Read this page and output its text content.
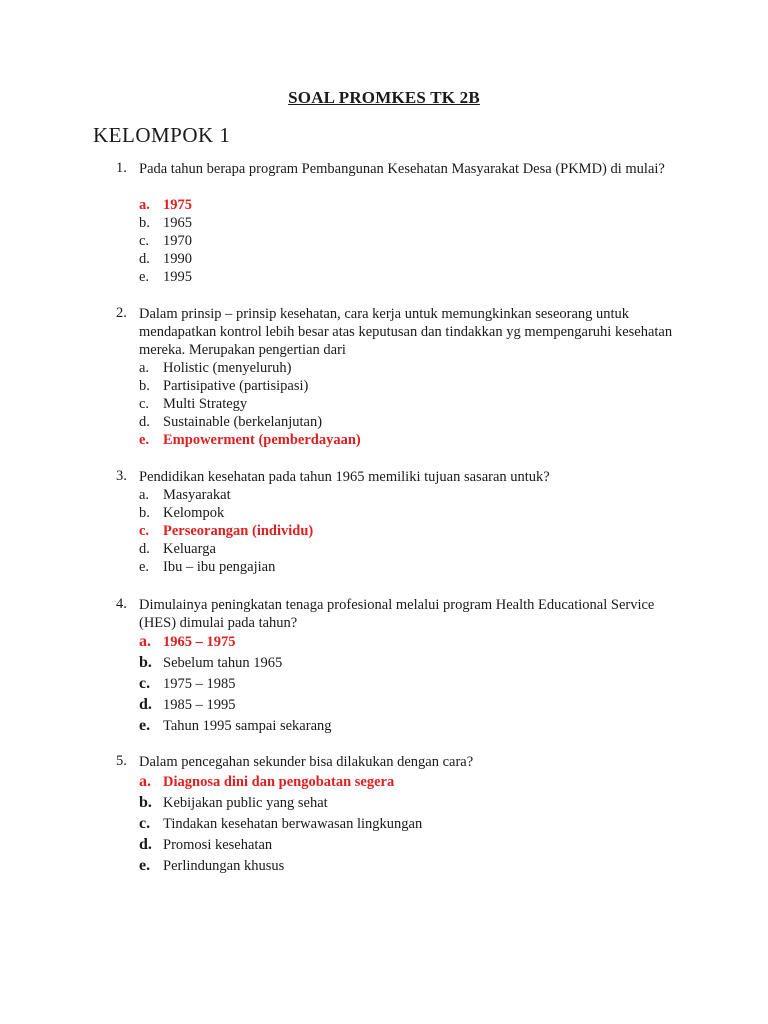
SOAL PROMKES TK 2B
KELOMPOK 1
1. Pada tahun berapa program Pembangunan Kesehatan Masyarakat Desa (PKMD) di mulai?
a. 1975
b. 1965
c. 1970
d. 1990
e. 1995
2. Dalam prinsip – prinsip kesehatan, cara kerja untuk memungkinkan seseorang untuk mendapatkan kontrol lebih besar atas keputusan dan tindakkan yg mempengaruhi kesehatan mereka. Merupakan pengertian dari
a. Holistic (menyeluruh)
b. Partisipative (partisipasi)
c. Multi Strategy
d. Sustainable (berkelanjutan)
e. Empowerment (pemberdayaan)
3. Pendidikan kesehatan pada tahun 1965 memiliki tujuan sasaran untuk?
a. Masyarakat
b. Kelompok
c. Perseorangan (individu)
d. Keluarga
e. Ibu – ibu pengajian
4. Dimulainya peningkatan tenaga profesional melalui program Health Educational Service (HES) dimulai pada tahun?
a. 1965 – 1975
b. Sebelum tahun 1965
c. 1975 – 1985
d. 1985 – 1995
e. Tahun 1995 sampai sekarang
5. Dalam pencegahan sekunder bisa dilakukan dengan cara?
a. Diagnosa dini dan pengobatan segera
b. Kebijakan public yang sehat
c. Tindakan kesehatan berwawasan lingkungan
d. Promosi kesehatan
e. Perlindungan khusus
